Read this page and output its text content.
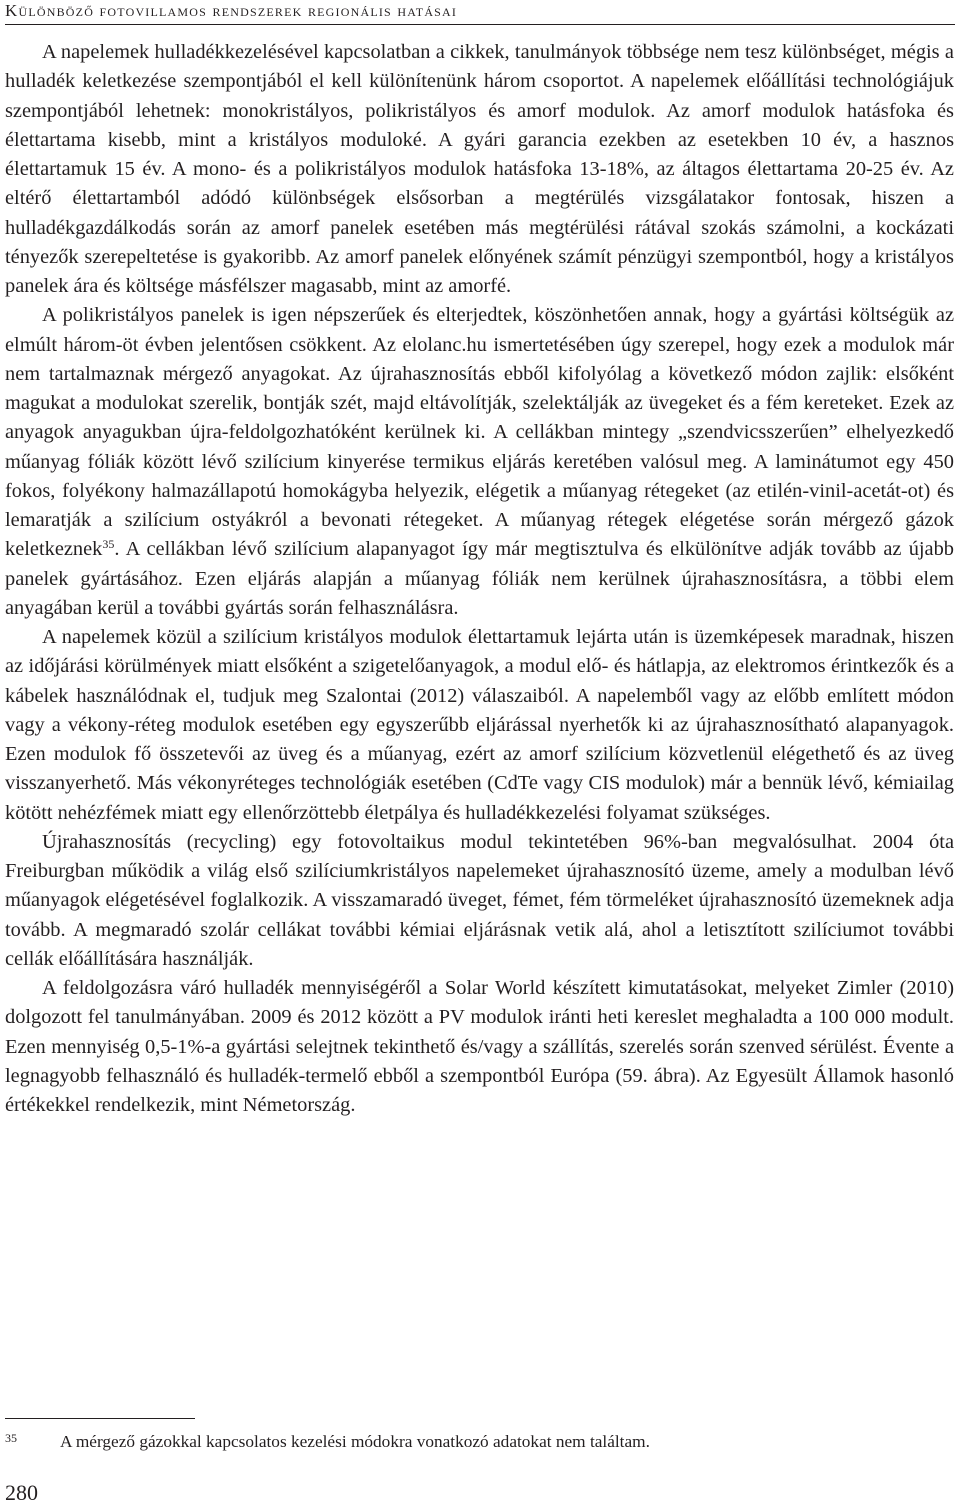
Különböző fotovillamos rendszerek regionális hatásai

A napelemek hulladékkezelésével kapcsolatban a cikkek, tanulmányok többsége nem tesz különbséget, mégis a hulladék keletkezése szempontjából el kell különítenünk három csoportot. A napelemek előállítási technológiájuk szempontjából lehetnek: monokristályos, polikristályos és amorf modulok. Az amorf modulok hatásfoka és élettartama kisebb, mint a kristályos moduloké. A gyári garancia ezekben az esetekben 10 év, a hasznos élettartamuk 15 év. A mono- és a polikristályos modulok hatásfoka 13-18%, az áltagos élettartama 20-25 év. Az eltérő élettartamból adódó különbségek elsősorban a megtérülés vizsgálatakor fontosak, hiszen a hulladékgazdálkodás során az amorf panelek esetében más megtérülési rátával szokás számolni, a kockázati tényezők szerepeltetése is gyakoribb. Az amorf panelek előnyének számít pénzügyi szempontból, hogy a kristályos panelek ára és költsége másfélszer magasabb, mint az amorfé.

A polikristályos panelek is igen népszerűek és elterjedtek, köszönhetően annak, hogy a gyártási költségük az elmúlt három-öt évben jelentősen csökkent. Az elolanc.hu ismertetésében úgy szerepel, hogy ezek a modulok már nem tartalmaznak mérgező anyagokat. Az újrahasznosítás ebből kifolyólag a következő módon zajlik: elsőként magukat a modulokat szerelik, bontják szét, majd eltávolítják, szelektálják az üvegeket és a fém kereteket. Ezek az anyagok anyagukban újra-feldolgozhatóként kerülnek ki. A cellákban mintegy „szendvicsszerűen” elhelyezkedő műanyag fóliák között lévő szilícium kinyerése termikus eljárás keretében valósul meg. A laminátumot egy 450 fokos, folyékony halmazállapotú homokágyba helyezik, elégetik a műanyag rétegeket (az etilén-vinil-acetát-ot) és lemaratják a szilícium ostyákról a bevonati rétegeket. A műanyag rétegek elégetése során mérgező gázok keletkeznek$^{35}$. A cellákban lévő szilícium alapanyagot így már megtisztulva és elkülönítve adják tovább az újabb panelek gyártásához. Ezen eljárás alapján a műanyag fóliák nem kerülnek újrahasznosításra, a többi elem anyagában kerül a további gyártás során felhasználásra.

A napelemek közül a szilícium kristályos modulok élettartamuk lejárta után is üzemképesek maradnak, hiszen az időjárási körülmények miatt elsőként a szigetelőanyagok, a modul elő- és hátlapja, az elektromos érintkezők és a kábelek használódnak el, tudjuk meg Szalontai (2012) válaszaiból. A napelemből vagy az előbb említett módon vagy a vékony-réteg modulok esetében egy egyszerűbb eljárással nyerhetők ki az újrahasznosítható alapanyagok. Ezen modulok fő összetevői az üveg és a műanyag, ezért az amorf szilícium közvetlenül elégethető és az üveg visszanyerhető. Más vékonyréteges technológiák esetében (CdTe vagy CIS modulok) már a bennük lévő, kémiailag kötött nehézfémek miatt egy ellenőrzöttebb életpálya és hulladékkezelési folyamat szükséges.

Újrahasznosítás (recycling) egy fotovoltaikus modul tekintetében 96%-ban megvalósulhat. 2004 óta Freiburgban működik a világ első szilíciumkristályos napelemeket újrahasznosító üzeme, amely a modulban lévő műanyagok elégetésével foglalkozik. A visszamaradó üveget, fémet, fém törmeléket újrahasznosító üzemeknek adja tovább. A megmaradó szolár cellákat további kémiai eljárásnak vetik alá, ahol a letisztított szilíciumot további cellák előállítására használják.

A feldolgozásra váró hulladék mennyiségéről a Solar World készített kimutatásokat, melyeket Zimler (2010) dolgozott fel tanulmányában. 2009 és 2012 között a PV modulok iránti heti kereslet meghaladta a 100 000 modult. Ezen mennyiség 0,5-1%-a gyártási selejtnek tekinthető és/vagy a szállítás, szerelés során szenved sérülést. Évente a legnagyobb felhasználó és hulladék-termelő ebből a szempontból Európa (59. ábra). Az Egyesült Államok hasonló értékekkel rendelkezik, mint Németország.

35 A mérgező gázokkal kapcsolatos kezelési módokra vonatkozó adatokat nem találtam.
280
